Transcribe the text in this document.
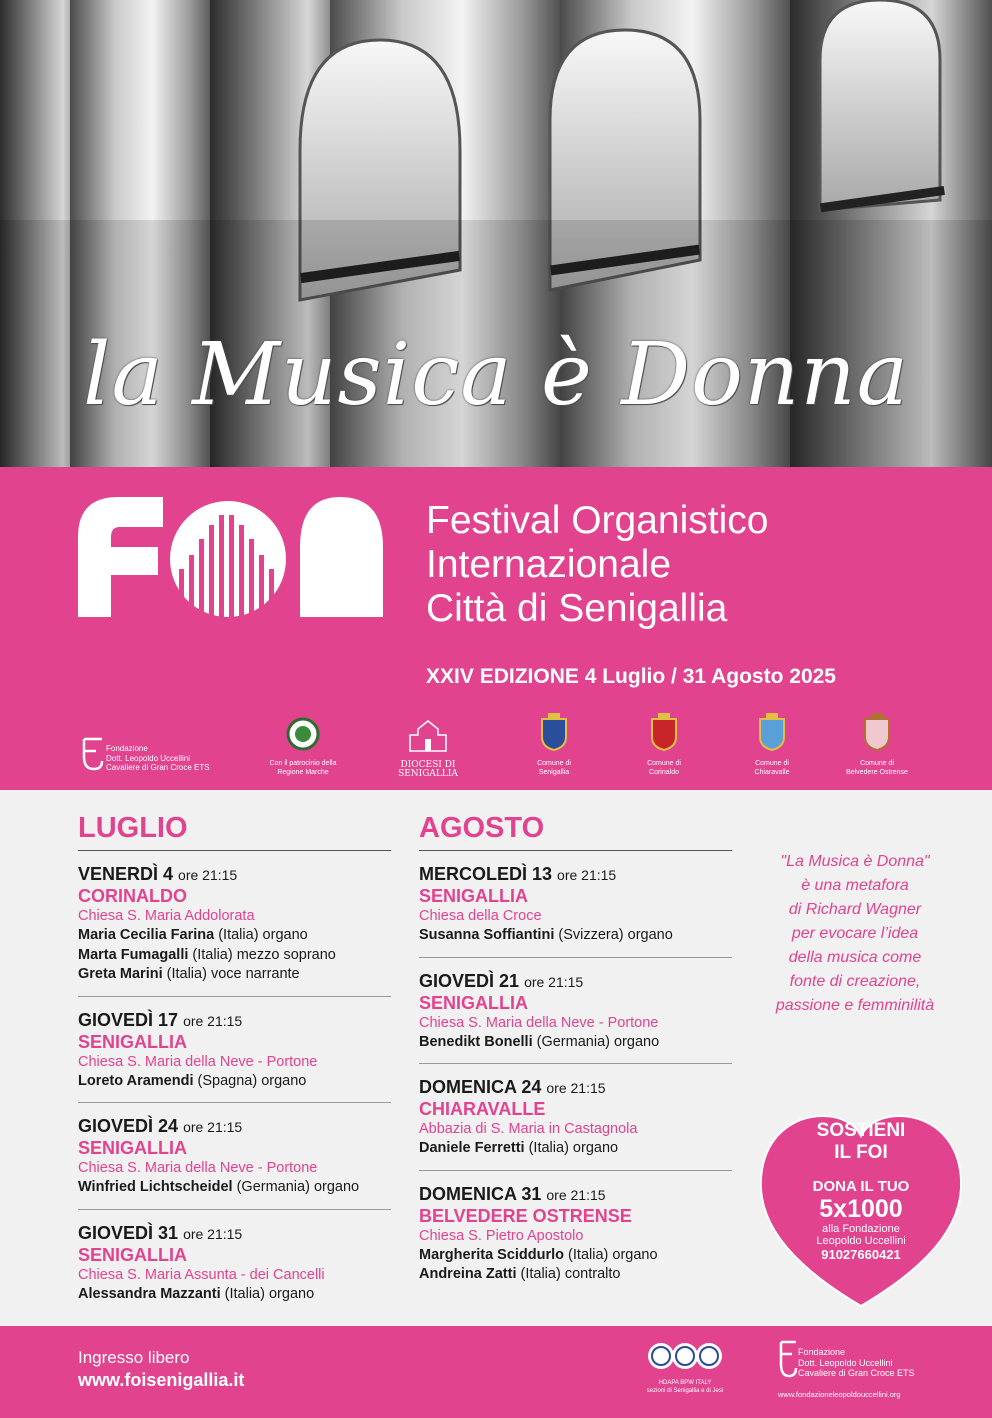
la Musica è Donna
Festival Organistico
Internazionale
Città di Senigallia
XXIV EDIZIONE 4 Luglio / 31 Agosto 2025
Fondazione
Dott. Leopoldo Uccellini
Cavaliere di Gran Croce ETS	Con il patrocinio della
Regione Marche
DIOCESI DI
SENIGALLIA
Comune di
Senigallia
Comune di
Corinaldo
Comune di
Chiaravalle
Comune di
Belvedere Ostrense
LUGLIO
VENERDÌ 4 ore 21:15
CORINALDO
Chiesa S. Maria Addolorata
Maria Cecilia Farina (Italia) organo
Marta Fumagalli (Italia) mezzo soprano
Greta Marini (Italia) voce narrante
GIOVEDÌ 17 ore 21:15
SENIGALLIA
Chiesa S. Maria della Neve - Portone
Loreto Aramendi (Spagna) organo
GIOVEDÌ 24 ore 21:15
SENIGALLIA
Chiesa S. Maria della Neve - Portone
Winfried Lichtscheidel (Germania) organo
GIOVEDÌ 31 ore 21:15
SENIGALLIA
Chiesa S. Maria Assunta - dei Cancelli
Alessandra Mazzanti (Italia) organo
AGOSTO
MERCOLEDÌ 13 ore 21:15
SENIGALLIA
Chiesa della Croce
Susanna Soffiantini (Svizzera) organo
GIOVEDÌ 21 ore 21:15
SENIGALLIA
Chiesa S. Maria della Neve - Portone
Benedikt Bonelli (Germania) organo
DOMENICA 24 ore 21:15
CHIARAVALLE
Abbazia di S. Maria in Castagnola
Daniele Ferretti (Italia) organo
DOMENICA 31 ore 21:15
BELVEDERE OSTRENSE
Chiesa S. Pietro Apostolo
Margherita Sciddurlo (Italia) organo
Andreina Zatti (Italia) contralto
"La Musica è Donna"
è una metafora
di Richard Wagner
per evocare l’idea
della musica come
fonte di creazione,
passione e femminilità
SOSTIENI
IL FOI
DONA IL TUO
5x1000
alla Fondazione
Leopoldo Uccellini
91027660421
Ingresso libero
www.foisenigallia.it	HDAPA BPW ITALY
sezioni di Senigallia e di Jesi
Fondazione
Dott. Leopoldo Uccellini
Cavaliere di Gran Croce ETS
www.fondazioneleopoldouccellini.org
